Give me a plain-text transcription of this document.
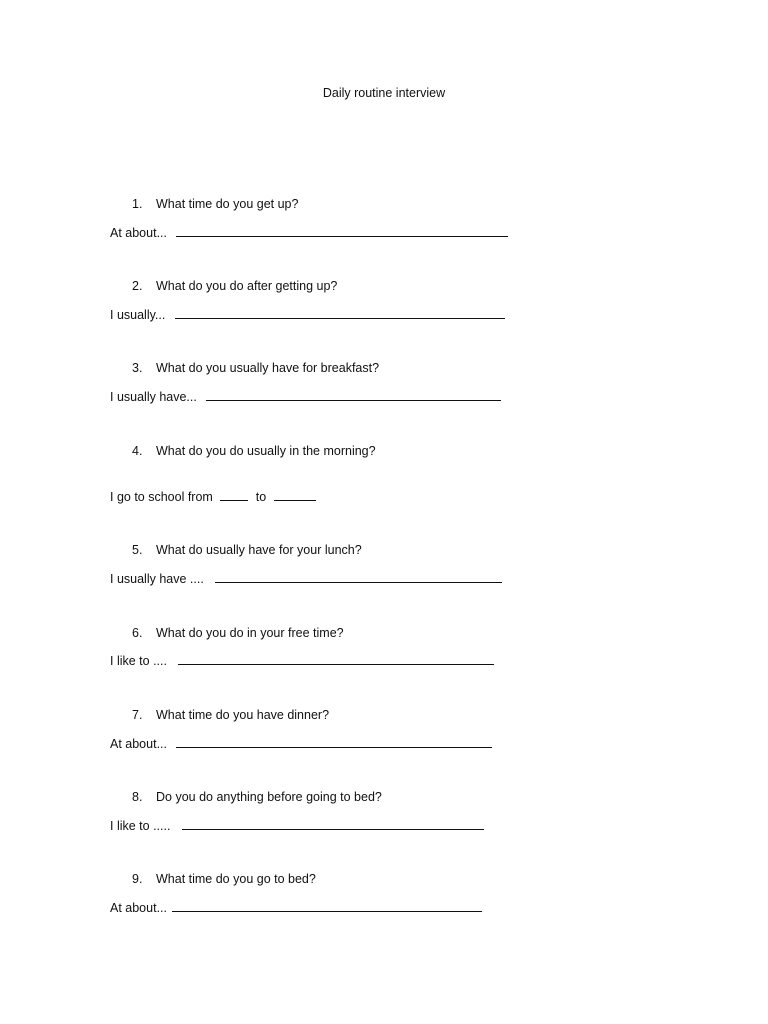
Daily routine interview
1. What time do you get up?
At about...
2. What do you do after getting up?
I usually...
3. What do you usually have for breakfast?
I usually have...
4. What do you do usually in the morning?
I go to school from	to
5. What do usually have for your lunch?
I usually have ....
6. What do you do in your free time?
I like to ....
7. What time do you have dinner?
At about...
8. Do you do anything before going to bed?
I like to .....
9. What time do you go to bed?
At about...
